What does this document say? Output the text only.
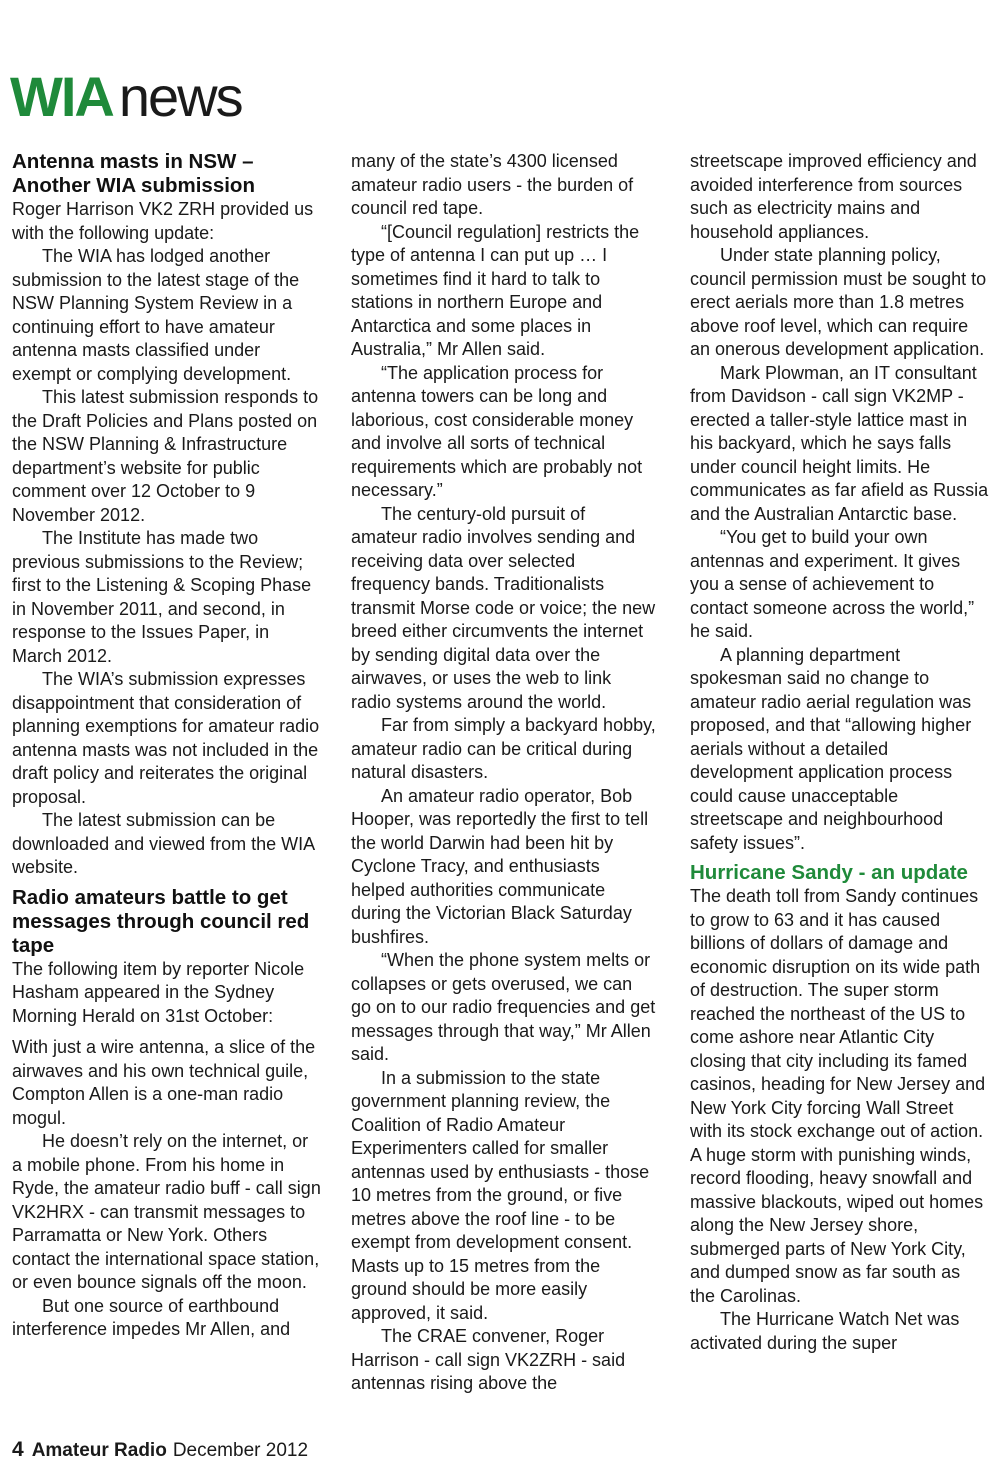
WIA news
Antenna masts in NSW – Another WIA submission

Roger Harrison VK2 ZRH provided us with the following update:

The WIA has lodged another submission to the latest stage of the NSW Planning System Review in a continuing effort to have amateur antenna masts classified under exempt or complying development.

This latest submission responds to the Draft Policies and Plans posted on the NSW Planning & Infrastructure department’s website for public comment over 12 October to 9 November 2012.

The Institute has made two previous submissions to the Review; first to the Listening & Scoping Phase in November 2011, and second, in response to the Issues Paper, in March 2012.

The WIA’s submission expresses disappointment that consideration of planning exemptions for amateur radio antenna masts was not included in the draft policy and reiterates the original proposal.

The latest submission can be downloaded and viewed from the WIA website.

Radio amateurs battle to get messages through council red tape

The following item by reporter Nicole Hasham appeared in the Sydney Morning Herald on 31st October:

With just a wire antenna, a slice of the airwaves and his own technical guile, Compton Allen is a one-man radio mogul.

He doesn’t rely on the internet, or a mobile phone. From his home in Ryde, the amateur radio buff - call sign VK2HRX - can transmit messages to Parramatta or New York. Others contact the international space station, or even bounce signals off the moon.

But one source of earthbound interference impedes Mr Allen, and

many of the state’s 4300 licensed amateur radio users - the burden of council red tape.

“[Council regulation] restricts the type of antenna I can put up … I sometimes find it hard to talk to stations in northern Europe and Antarctica and some places in Australia,” Mr Allen said.

“The application process for antenna towers can be long and laborious, cost considerable money and involve all sorts of technical requirements which are probably not necessary.”

The century-old pursuit of amateur radio involves sending and receiving data over selected frequency bands. Traditionalists transmit Morse code or voice; the new breed either circumvents the internet by sending digital data over the airwaves, or uses the web to link radio systems around the world.

Far from simply a backyard hobby, amateur radio can be critical during natural disasters.

An amateur radio operator, Bob Hooper, was reportedly the first to tell the world Darwin had been hit by Cyclone Tracy, and enthusiasts helped authorities communicate during the Victorian Black Saturday bushfires.

“When the phone system melts or collapses or gets overused, we can go on to our radio frequencies and get messages through that way,” Mr Allen said.

In a submission to the state government planning review, the Coalition of Radio Amateur Experimenters called for smaller antennas used by enthusiasts - those 10 metres from the ground, or five metres above the roof line - to be exempt from development consent. Masts up to 15 metres from the ground should be more easily approved, it said.

The CRAE convener, Roger Harrison - call sign VK2ZRH - said antennas rising above the

streetscape improved efficiency and avoided interference from sources such as electricity mains and household appliances.

Under state planning policy, council permission must be sought to erect aerials more than 1.8 metres above roof level, which can require an onerous development application.

Mark Plowman, an IT consultant from Davidson - call sign VK2MP - erected a taller-style lattice mast in his backyard, which he says falls under council height limits. He communicates as far afield as Russia and the Australian Antarctic base.

“You get to build your own antennas and experiment. It gives you a sense of achievement to contact someone across the world,” he said.

A planning department spokesman said no change to amateur radio aerial regulation was proposed, and that “allowing higher aerials without a detailed development application process could cause unacceptable streetscape and neighbourhood safety issues”.

Hurricane Sandy - an update

The death toll from Sandy continues to grow to 63 and it has caused billions of dollars of damage and economic disruption on its wide path of destruction. The super storm reached the northeast of the US to come ashore near Atlantic City closing that city including its famed casinos, heading for New Jersey and New York City forcing Wall Street with its stock exchange out of action. A huge storm with punishing winds, record flooding, heavy snowfall and massive blackouts, wiped out homes along the New Jersey shore, submerged parts of New York City, and dumped snow as far south as the Carolinas.

The Hurricane Watch Net was activated during the super

4 Amateur Radio December 2012
